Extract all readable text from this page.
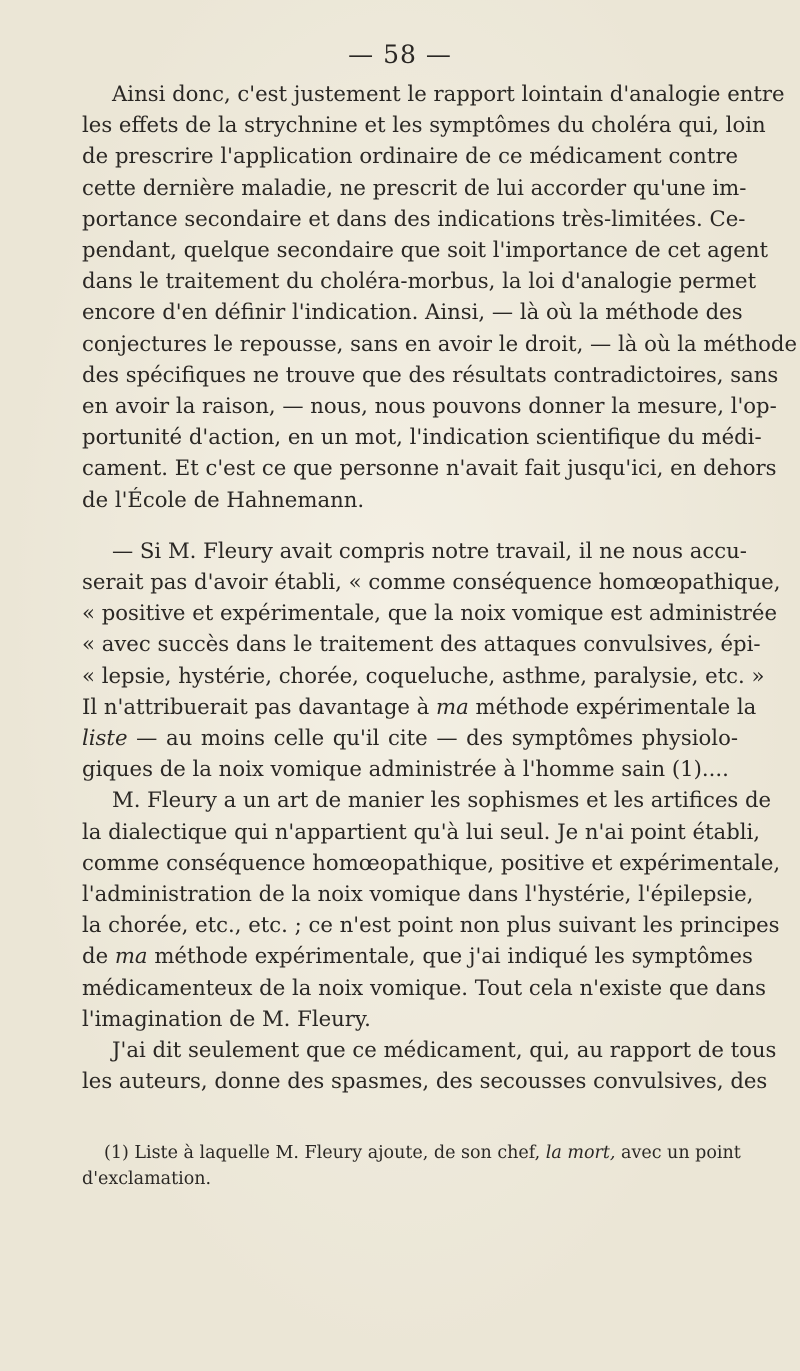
— 58 —
Ainsi donc, c'est justement le rapport lointain d'analogie entre
les effets de la strychnine et les symptômes du choléra qui, loin
de prescrire l'application ordinaire de ce médicament contre
cette dernière maladie, ne prescrit de lui accorder qu'une im-
portance secondaire et dans des indications très-limitées. Ce-
pendant, quelque secondaire que soit l'importance de cet agent
dans le traitement du choléra-morbus, la loi d'analogie permet
encore d'en définir l'indication. Ainsi, — là où la méthode des
conjectures le repousse, sans en avoir le droit, — là où la méthode
des spécifiques ne trouve que des résultats contradictoires, sans
en avoir la raison, — nous, nous pouvons donner la mesure, l'op-
portunité d'action, en un mot, l'indication scientifique du médi-
cament. Et c'est ce que personne n'avait fait jusqu'ici, en dehors
de l'École de Hahnemann.
— Si M. Fleury avait compris notre travail, il ne nous accu-
serait pas d'avoir établi, « comme conséquence homœopathique,
« positive et expérimentale, que la noix vomique est administrée
« avec succès dans le traitement des attaques convulsives, épi-
« lepsie, hystérie, chorée, coqueluche, asthme, paralysie, etc. »
Il n'attribuerait pas davantage à ma méthode expérimentale la
liste — au moins celle qu'il cite — des symptômes physiolo-
giques de la noix vomique administrée à l'homme sain (1)....
M. Fleury a un art de manier les sophismes et les artifices de
la dialectique qui n'appartient qu'à lui seul. Je n'ai point établi,
comme conséquence homœopathique, positive et expérimentale,
l'administration de la noix vomique dans l'hystérie, l'épilepsie,
la chorée, etc., etc. ; ce n'est point non plus suivant les principes
de ma méthode expérimentale, que j'ai indiqué les symptômes
médicamenteux de la noix vomique. Tout cela n'existe que dans
l'imagination de M. Fleury.
J'ai dit seulement que ce médicament, qui, au rapport de tous
les auteurs, donne des spasmes, des secousses convulsives, des
(1) Liste à laquelle M. Fleury ajoute, de son chef, la mort, avec un point
d'exclamation.
